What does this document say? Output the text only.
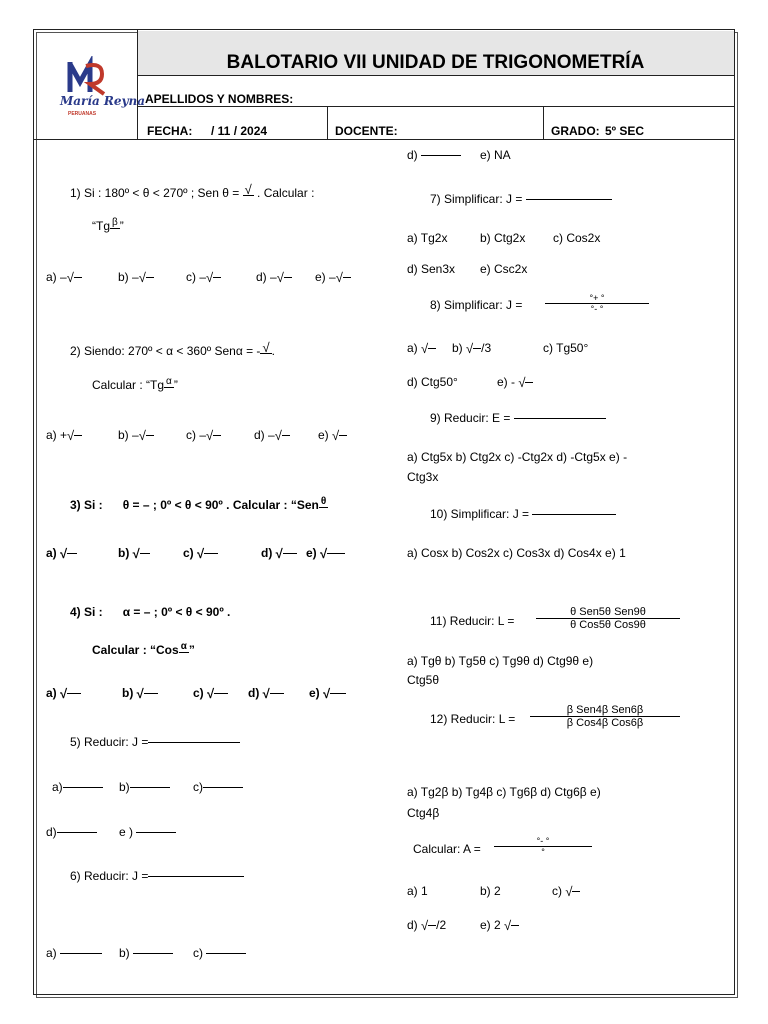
María Reyna
PERUANAS
BALOTARIO VII UNIDAD DE TRIGONOMETRÍA
APELLIDOS Y NOMBRES:
FECHA: / 11 / 2024	DOCENTE:	GRADO: 5º SEC
1) Si : 180º < θ < 270º ; Sen θ = √ . Calcular :
“Tg β ”
a) –√	b) –√	c) –√	d) –√	e) –√
2) Siendo: 270º < α < 360º Senα = - √ .
Calcular : “Tg α ”
a) +√	b) –√	c) –√	d) –√	e) √
3) Si : θ = – ; 0º < θ < 90º . Calcular : “Sen θ
a) √	b) √	c) √	d) √	e) √
4) Si : α = – ; 0º < θ < 90º .
Calcular : “Cos α ”
a) √	b) √	c) √	d) √	e) √
5) Reducir: J =
a)	b)	c)
d)	e )
6) Reducir: J =
a)	b)	c)
d)	e) NA
7) Simplificar: J =
a) Tg2x	b) Ctg2x c) Cos2x
d) Sen3x e) Csc2x
8) Simplificar: J =	°+ °
°- °
a) √	b) √ /3	c) Tg50°
d) Ctg50°	e) - √
9) Reducir: E =
a) Ctg5x b) Ctg2x c) -Ctg2x d) -Ctg5x e) -
Ctg3x
10) Simplificar: J =
a) Cosx b) Cos2x c) Cos3x d) Cos4x e) 1
11) Reducir: L =
θ Sen5θ Sen9θ
θ Cos5θ Cos9θ
a) Tgθ b) Tg5θ c) Tg9θ d) Ctg9θ e)
Ctg5θ
12) Reducir: L =
β Sen4β Sen6β
β Cos4β Cos6β
a) Tg2β b) Tg4β c) Tg6β d) Ctg6β e)
Ctg4β
Calcular: A =
°- °
°
a) 1	b) 2	c) √
d) √ /2	e) 2 √
